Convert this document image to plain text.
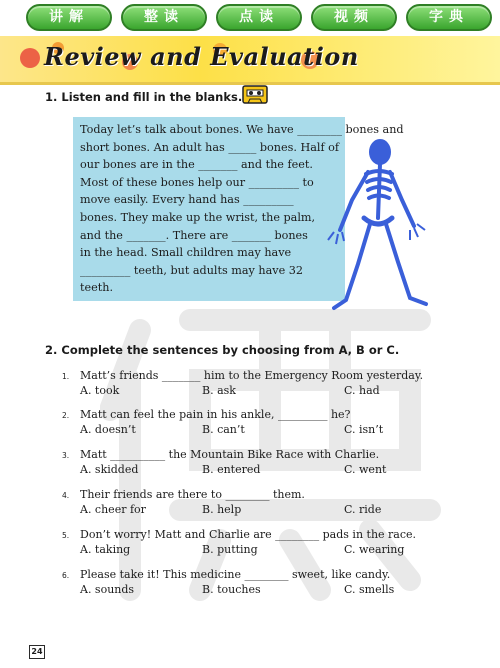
讲解	整读	点读	视频	字典
Review and Evaluation
1. Listen and fill in the blanks.
Today let’s talk about bones. We have ________ bones and
short bones. An adult has _____ bones. Half of
our bones are in the _______ and the feet.
Most of these bones help our _________ to
move easily. Every hand has _________
bones. They make up the wrist, the palm,
and the _______. There are _______ bones
in the head. Small children may have
_________ teeth, but adults may have 32
teeth.
2. Complete the sentences by choosing from A, B or C.
1. Matt’s friends _______ him to the Emergency Room yesterday.
A. took	B. ask	C. had
2. Matt can feel the pain in his ankle, _________ he?
A. doesn’t	B. can’t	C. isn’t
3. Matt __________ the Mountain Bike Race with Charlie.
A. skidded	B. entered	C. went
4. Their friends are there to ________ them.
A. cheer for	B. help	C. ride
5. Don’t worry! Matt and Charlie are ________ pads in the race.
A. taking	B. putting	C. wearing
6. Please take it! This medicine ________ sweet, like candy.
A. sounds	B. touches	C. smells
24
